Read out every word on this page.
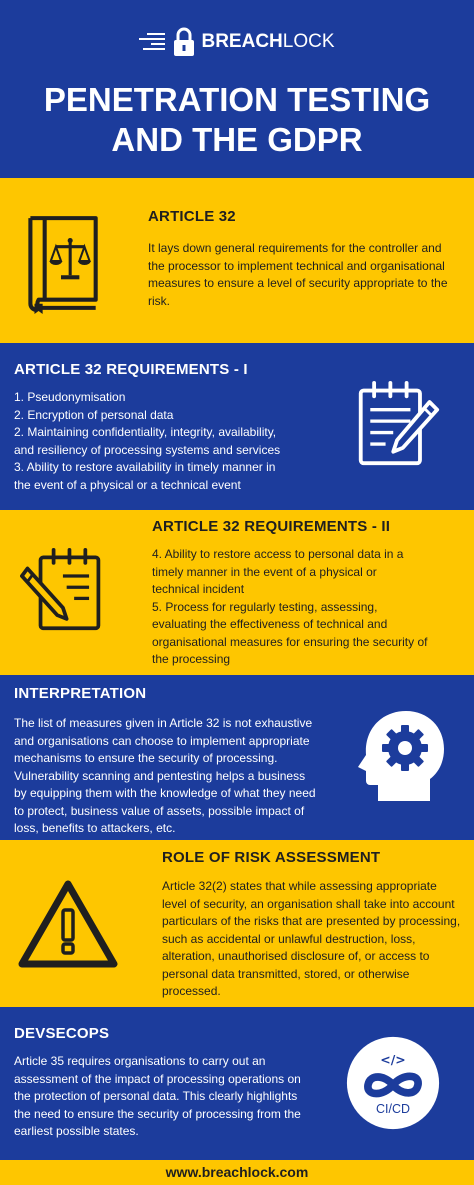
BREACHLOCK
PENETRATION TESTING
AND THE GDPR
ARTICLE 32
It lays down general requirements for the controller and the processor to implement technical and organisational measures to ensure a level of security appropriate to the risk.
ARTICLE 32 REQUIREMENTS - I
1. Pseudonymisation
2. Encryption of personal data
2. Maintaining confidentiality, integrity, availability,
and resiliency of processing systems and services
3. Ability to restore availability in timely manner in
the event of a physical or a technical event
ARTICLE 32 REQUIREMENTS - II
4. Ability to restore access to personal data in a
timely manner in the event of a physical or
technical incident
5. Process for regularly testing, assessing,
evaluating the effectiveness of technical and
organisational measures for ensuring the security of
the processing
INTERPRETATION
The list of measures given in Article 32 is not exhaustive and organisations can choose to implement appropriate mechanisms to ensure the security of processing. Vulnerability scanning and pentesting helps a business by equipping them with the knowledge of what they need to protect, business value of assets, possible impact of loss, benefits to attackers, etc.
ROLE OF RISK ASSESSMENT
Article 32(2) states that while assessing appropriate level of security, an organisation shall take into account particulars of the risks that are presented by processing, such as accidental or unlawful destruction, loss, alteration, unauthorised disclosure of, or access to personal data transmitted, stored, or otherwise processed.
DEVSECOPS
Article 35 requires organisations to carry out an assessment of the impact of processing operations on the protection of personal data. This clearly highlights the need to ensure the security of processing from the earliest possible states.
</>
CI/CD
www.breachlock.com
